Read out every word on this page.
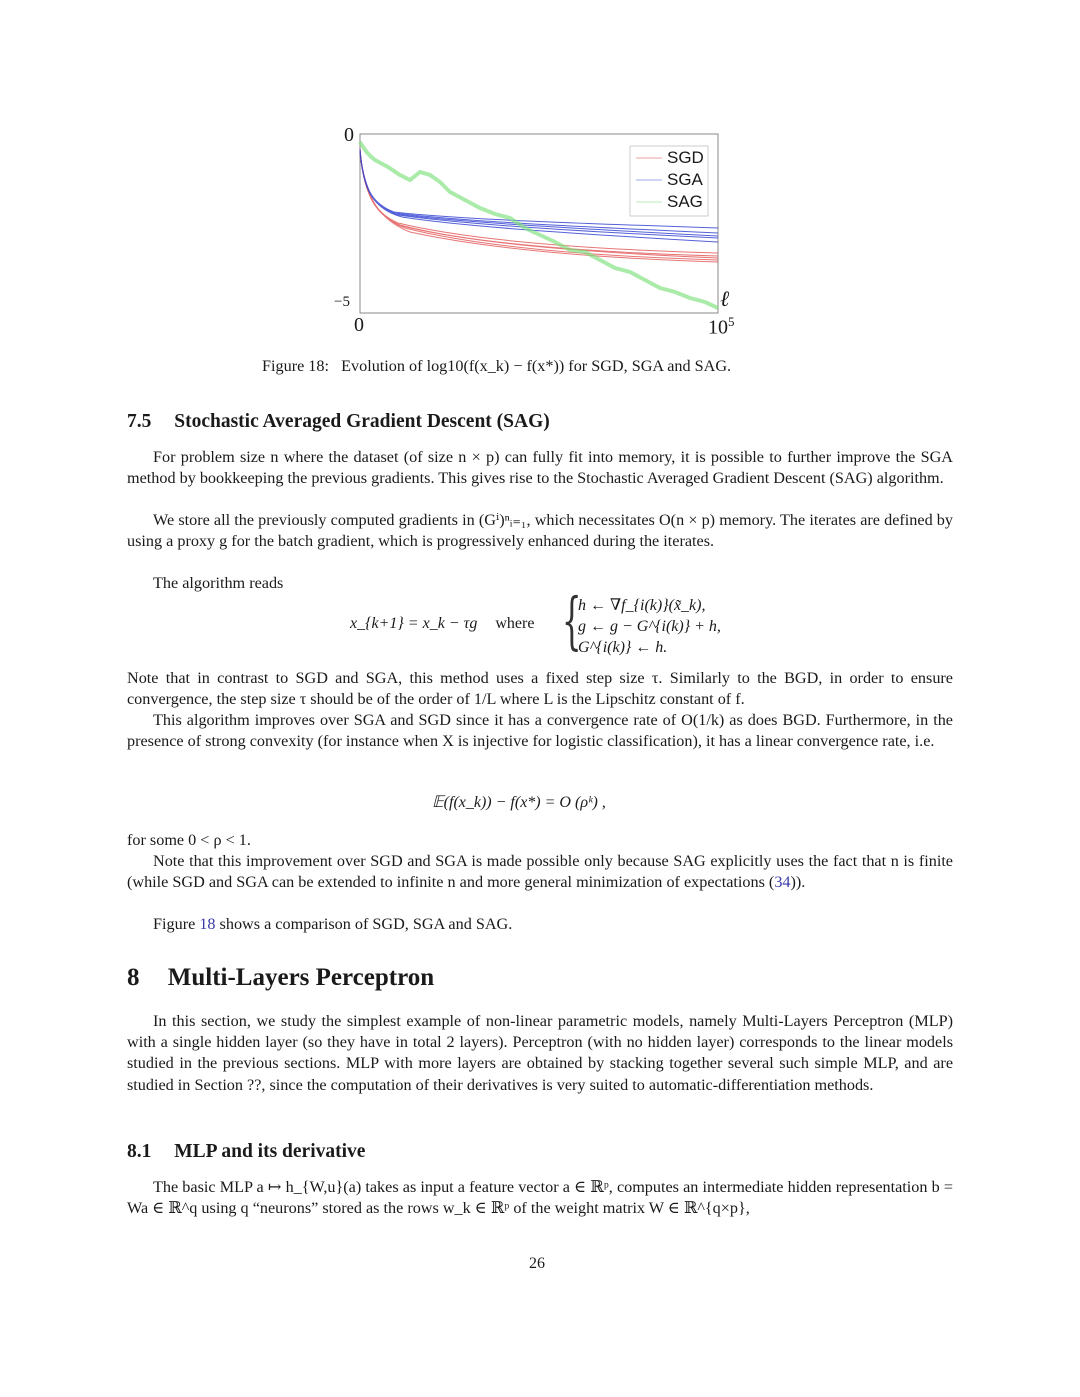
SGD
SGA
SAG
0
−5
0	$10^5$
ℓ
Figure 18: Evolution of log10(f(x_k) − f(x*)) for SGD, SGA and SAG.
7.5 Stochastic Averaged Gradient Descent (SAG)
For problem size n where the dataset (of size n × p) can fully fit into memory, it is possible to further improve the SGA method by bookkeeping the previous gradients. This gives rise to the Stochastic Averaged Gradient Descent (SAG) algorithm.
We store all the previously computed gradients in (Gⁱ)ⁿᵢ₌₁, which necessitates O(n × p) memory. The iterates are defined by using a proxy g for the batch gradient, which is progressively enhanced during the iterates.
The algorithm reads
x_{k+1} = x_k − τg where {
h ← ∇f_{i(k)}(x̃_k),
g ← g − G^{i(k)} + h,
G^{i(k)} ← h.
Note that in contrast to SGD and SGA, this method uses a fixed step size τ. Similarly to the BGD, in order to ensure convergence, the step size τ should be of the order of 1/L where L is the Lipschitz constant of f.
This algorithm improves over SGA and SGD since it has a convergence rate of O(1/k) as does BGD. Furthermore, in the presence of strong convexity (for instance when X is injective for logistic classification), it has a linear convergence rate, i.e.
𝔼(f(x_k)) − f(x*) = O (ρᵏ) ,
for some 0 < ρ < 1.
Note that this improvement over SGD and SGA is made possible only because SAG explicitly uses the fact that n is finite (while SGD and SGA can be extended to infinite n and more general minimization of expectations (34)).
Figure 18 shows a comparison of SGD, SGA and SAG.
8 Multi-Layers Perceptron
In this section, we study the simplest example of non-linear parametric models, namely Multi-Layers Perceptron (MLP) with a single hidden layer (so they have in total 2 layers). Perceptron (with no hidden layer) corresponds to the linear models studied in the previous sections. MLP with more layers are obtained by stacking together several such simple MLP, and are studied in Section ??, since the computation of their derivatives is very suited to automatic-differentiation methods.
8.1 MLP and its derivative
The basic MLP a ↦ h_{W,u}(a) takes as input a feature vector a ∈ ℝᵖ, computes an intermediate hidden representation b = Wa ∈ ℝ^q using q “neurons” stored as the rows w_k ∈ ℝᵖ of the weight matrix W ∈ ℝ^{q×p},
26
